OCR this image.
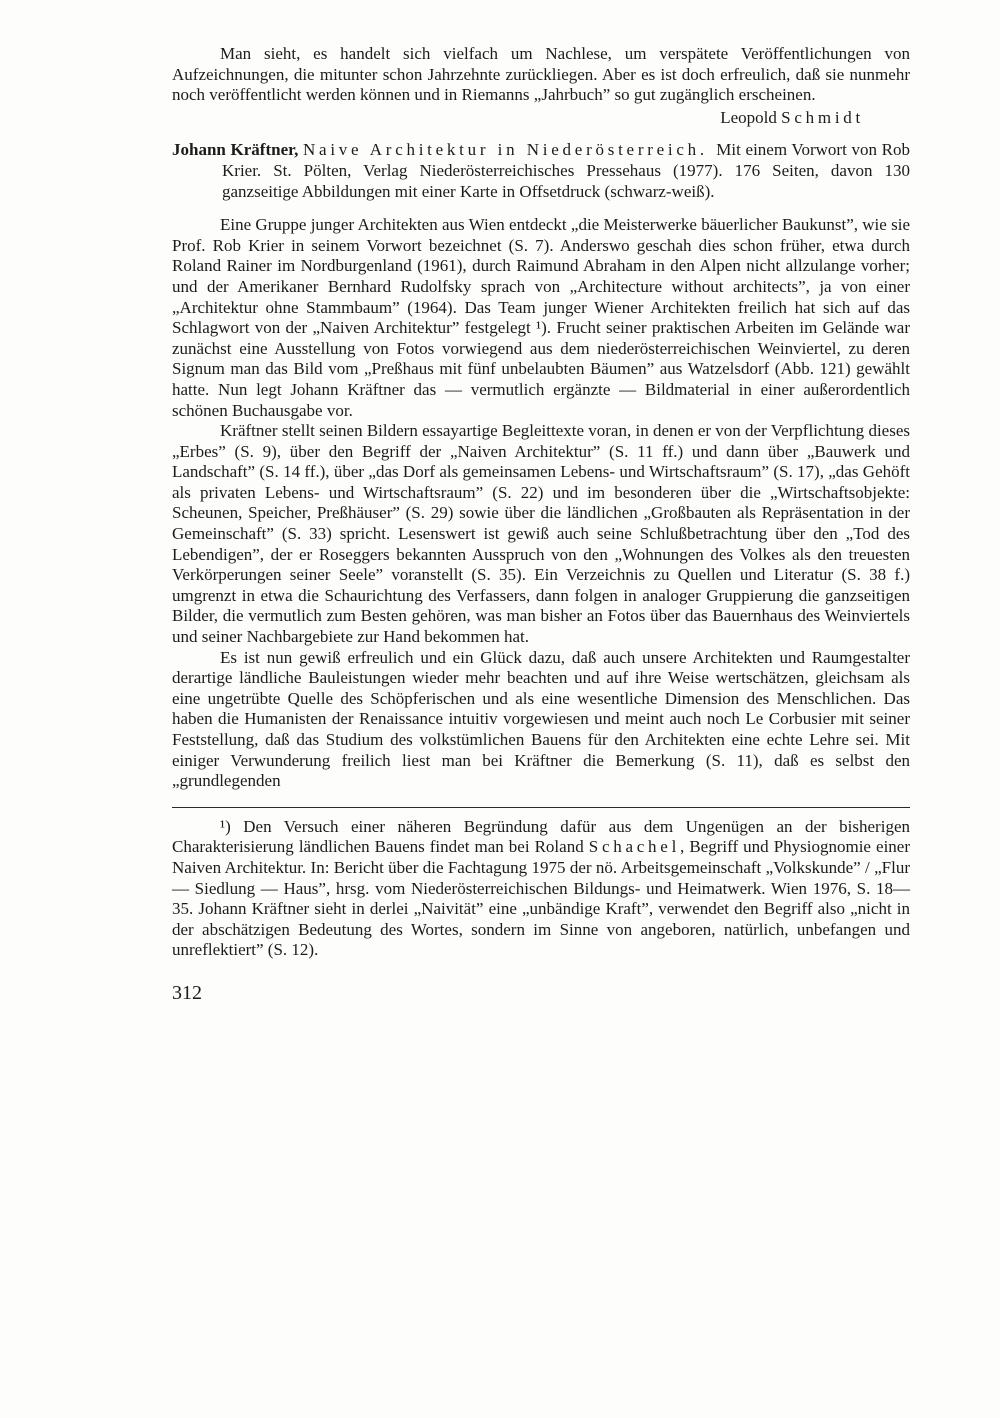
Man sieht, es handelt sich vielfach um Nachlese, um verspätete Veröffentlichungen von Aufzeichnungen, die mitunter schon Jahrzehnte zurückliegen. Aber es ist doch erfreulich, daß sie nunmehr noch veröffentlicht werden können und in Riemanns „Jahrbuch” so gut zugänglich erscheinen.

Leopold Schmidt

Johann Kräftner, Naive Architektur in Niederösterreich. Mit einem Vorwort von Rob Krier. St. Pölten, Verlag Niederösterreichisches Pressehaus (1977). 176 Seiten, davon 130 ganzseitige Abbildungen mit einer Karte in Offsetdruck (schwarz-weiß).

Eine Gruppe junger Architekten aus Wien entdeckt „die Meisterwerke bäuerlicher Baukunst”, wie sie Prof. Rob Krier in seinem Vorwort bezeichnet (S. 7). Anderswo geschah dies schon früher, etwa durch Roland Rainer im Nordburgenland (1961), durch Raimund Abraham in den Alpen nicht allzulange vorher; und der Amerikaner Bernhard Rudolfsky sprach von „Architecture without architects”, ja von einer „Architektur ohne Stammbaum” (1964). Das Team junger Wiener Architekten freilich hat sich auf das Schlagwort von der „Naiven Architektur” festgelegt ¹). Frucht seiner praktischen Arbeiten im Gelände war zunächst eine Ausstellung von Fotos vorwiegend aus dem niederösterreichischen Weinviertel, zu deren Signum man das Bild vom „Preßhaus mit fünf unbelaubten Bäumen” aus Watzelsdorf (Abb. 121) gewählt hatte. Nun legt Johann Kräftner das — vermutlich ergänzte — Bildmaterial in einer außerordentlich schönen Buchausgabe vor.

Kräftner stellt seinen Bildern essayartige Begleittexte voran, in denen er von der Verpflichtung dieses „Erbes” (S. 9), über den Begriff der „Naiven Architektur” (S. 11 ff.) und dann über „Bauwerk und Landschaft” (S. 14 ff.), über „das Dorf als gemeinsamen Lebens- und Wirtschaftsraum” (S. 17), „das Gehöft als privaten Lebens- und Wirtschaftsraum” (S. 22) und im besonderen über die „Wirtschaftsobjekte: Scheunen, Speicher, Preßhäuser” (S. 29) sowie über die ländlichen „Großbauten als Repräsentation in der Gemeinschaft” (S. 33) spricht. Lesenswert ist gewiß auch seine Schlußbetrachtung über den „Tod des Lebendigen”, der er Roseggers bekannten Ausspruch von den „Wohnungen des Volkes als den treuesten Verkörperungen seiner Seele” voranstellt (S. 35). Ein Verzeichnis zu Quellen und Literatur (S. 38 f.) umgrenzt in etwa die Schaurichtung des Verfassers, dann folgen in analoger Gruppierung die ganzseitigen Bilder, die vermutlich zum Besten gehören, was man bisher an Fotos über das Bauernhaus des Weinviertels und seiner Nachbargebiete zur Hand bekommen hat.

Es ist nun gewiß erfreulich und ein Glück dazu, daß auch unsere Architekten und Raumgestalter derartige ländliche Bauleistungen wieder mehr beachten und auf ihre Weise wertschätzen, gleichsam als eine ungetrübte Quelle des Schöpferischen und als eine wesentliche Dimension des Menschlichen. Das haben die Humanisten der Renaissance intuitiv vorgewiesen und meint auch noch Le Corbusier mit seiner Feststellung, daß das Studium des volkstümlichen Bauens für den Architekten eine echte Lehre sei. Mit einiger Verwunderung freilich liest man bei Kräftner die Bemerkung (S. 11), daß es selbst den „grundlegenden

¹) Den Versuch einer näheren Begründung dafür aus dem Ungenügen an der bisherigen Charakterisierung ländlichen Bauens findet man bei Roland Schachel, Begriff und Physiognomie einer Naiven Architektur. In: Bericht über die Fachtagung 1975 der nö. Arbeitsgemeinschaft „Volkskunde” / „Flur — Siedlung — Haus”, hrsg. vom Niederösterreichischen Bildungs- und Heimatwerk. Wien 1976, S. 18—35. Johann Kräftner sieht in derlei „Naivität” eine „unbändige Kraft”, verwendet den Begriff also „nicht in der abschätzigen Bedeutung des Wortes, sondern im Sinne von angeboren, natürlich, unbefangen und unreflektiert” (S. 12).

312
